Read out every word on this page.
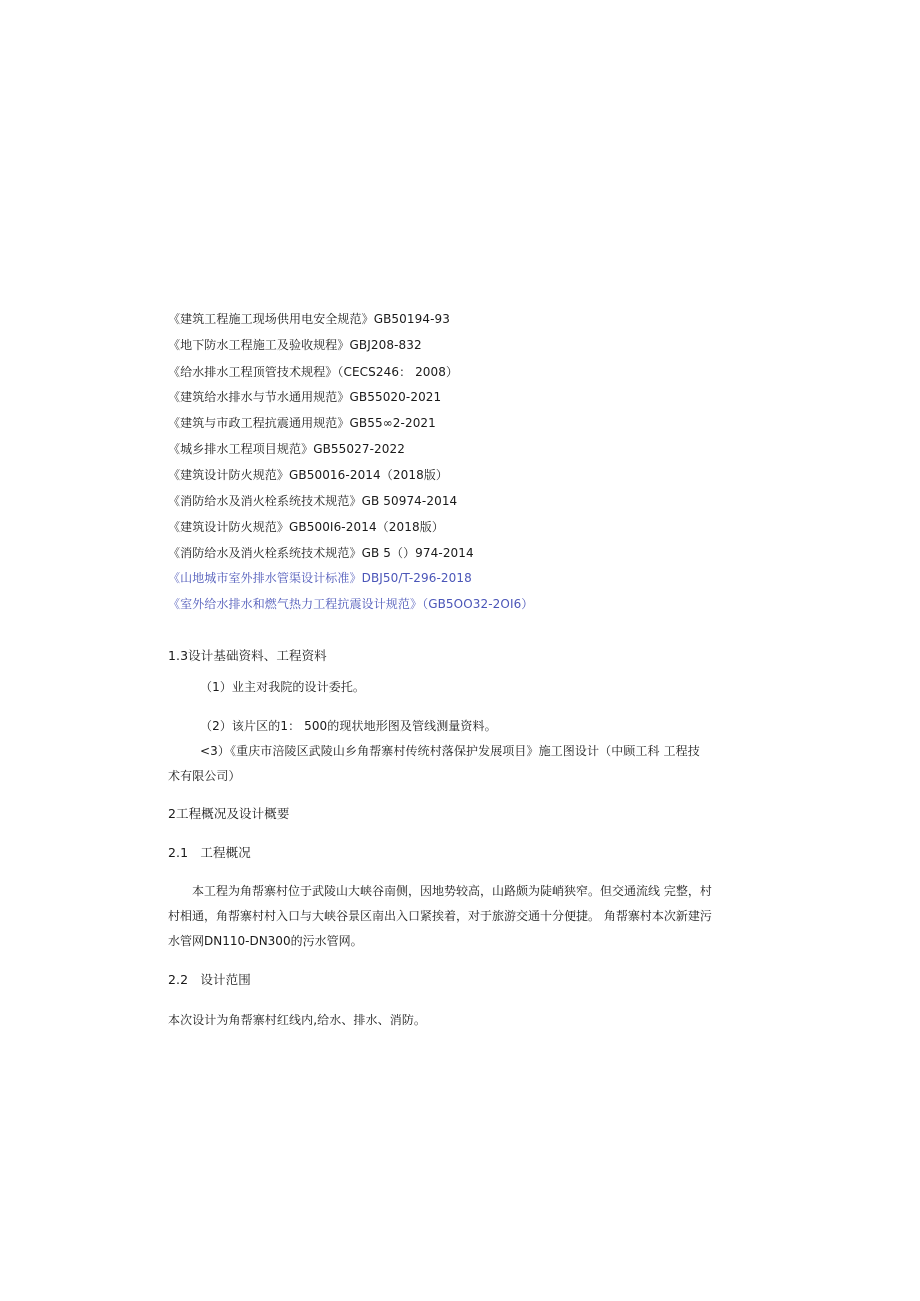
《建筑工程施工现场供用电安全规范》GB50194-93
《地下防水工程施工及验收规程》GBJ208-832
《给水排水工程顶管技术规程》（CECS246： 2008）
《建筑给水排水与节水通用规范》GB55020-2021
《建筑与市政工程抗震通用规范》GB55∞2-2021
《城乡排水工程项目规范》GB55027-2022
《建筑设计防火规范》GB50016-2014（2018版）
《消防给水及消火栓系统技术规范》GB 50974-2014
《建筑设计防火规范》GB500I6-2014（2018版）
《消防给水及消火栓系统技术规范》GB 5（）974-2014
《山地城市室外排水管渠设计标准》DBJ50/T-296-2018
《室外给水排水和燃气热力工程抗震设计规范》（GB5OO32-2OI6）
1.3设计基础资料、工程资料
（1）业主对我院的设计委托。
（2）该片区的1： 500的现状地形图及管线测量资料。
<3）《重庆市涪陵区武陵山乡角帮寨村传统村落保护发展项目》施工图设计（中顾工科 工程技
术有限公司）
2工程概况及设计概要
2.1   工程概况
本工程为角帮寨村位于武陵山大峡谷南侧，因地势较高，山路颇为陡峭狭窄。但交通流线 完整，村村相通，角帮寨村村入口与大峡谷景区南出入口紧挨着，对于旅游交通十分便捷。 角帮寨村本次新建污水管网DN110-DN300的污水管网。
2.2   设计范围
本次设计为角帮寨村红线内,给水、排水、消防。
